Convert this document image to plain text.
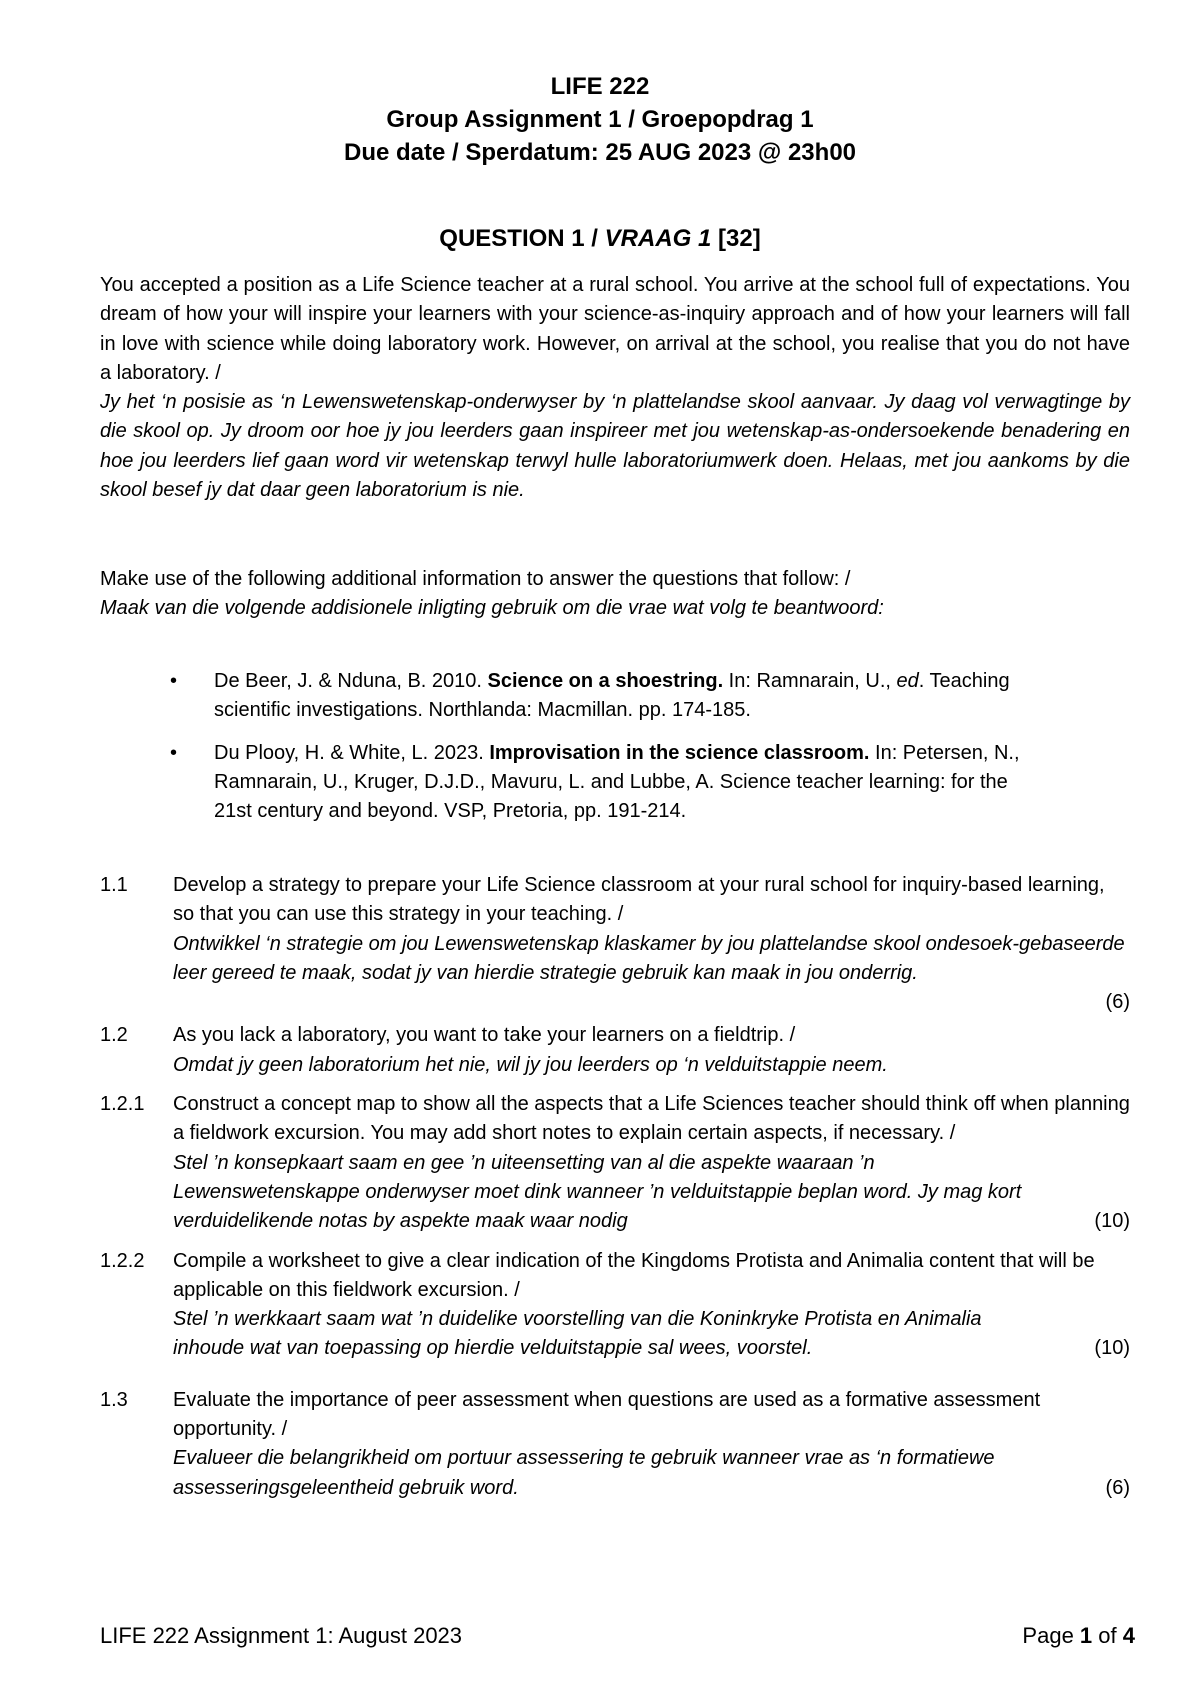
LIFE 222
Group Assignment 1 / Groepopdrag 1
Due date / Sperdatum: 25 AUG 2023 @ 23h00
QUESTION 1 / VRAAG 1 [32]

You accepted a position as a Life Science teacher at a rural school. You arrive at the school full of expectations. You dream of how your will inspire your learners with your science-as-inquiry approach and of how your learners will fall in love with science while doing laboratory work. However, on arrival at the school, you realise that you do not have a laboratory. /

Jy het ‘n posisie as ‘n Lewenswetenskap-onderwyser by ‘n plattelandse skool aanvaar. Jy daag vol verwagtinge by die skool op. Jy droom oor hoe jy jou leerders gaan inspireer met jou wetenskap-as-ondersoekende benadering en hoe jou leerders lief gaan word vir wetenskap terwyl hulle laboratoriumwerk doen. Helaas, met jou aankoms by die skool besef jy dat daar geen laboratorium is nie.

Make use of the following additional information to answer the questions that follow: /

Maak van die volgende addisionele inligting gebruik om die vrae wat volg te beantwoord:

• De Beer, J. & Nduna, B. 2010. Science on a shoestring. In: Ramnarain, U., ed. Teaching scientific investigations. Northlanda: Macmillan. pp. 174-185.
• Du Plooy, H. & White, L. 2023. Improvisation in the science classroom. In: Petersen, N., Ramnarain, U., Kruger, D.J.D., Mavuru, L. and Lubbe, A. Science teacher learning: for the 21st century and beyond. VSP, Pretoria, pp. 191-214.
1.1 Develop a strategy to prepare your Life Science classroom at your rural school for inquiry-based learning, so that you can use this strategy in your teaching. /

Ontwikkel ‘n strategie om jou Lewenswetenskap klaskamer by jou plattelandse skool ondesoek-gebaseerde leer gereed te maak, sodat jy van hierdie strategie gebruik kan maak in jou onderrig.

(6)
1.2 As you lack a laboratory, you want to take your learners on a fieldtrip. /

Omdat jy geen laboratorium het nie, wil jy jou leerders op ‘n velduitstappie neem.

1.2.1 Construct a concept map to show all the aspects that a Life Sciences teacher should think off when planning a fieldwork excursion. You may add short notes to explain certain aspects, if necessary. /

Stel ’n konsepkaart saam en gee ’n uiteensetting van al die aspekte waaraan ’n

Lewenswetenskappe onderwyser moet dink wanneer ’n velduitstappie beplan word. Jy mag kort

verduidelikende notas by aspekte maak waar nodig	(10)
1.2.2 Compile a worksheet to give a clear indication of the Kingdoms Protista and Animalia content that will be applicable on this fieldwork excursion. /

Stel ’n werkkaart saam wat ’n duidelike voorstelling van die Koninkryke Protista en Animalia

inhoude wat van toepassing op hierdie velduitstappie sal wees, voorstel.	(10)
1.3 Evaluate the importance of peer assessment when questions are used as a formative assessment opportunity. /

Evalueer die belangrikheid om portuur assessering te gebruik wanneer vrae as ‘n formatiewe

assesseringsgeleentheid gebruik word.	(6)
LIFE 222 Assignment 1: August 2023	Page 1 of 4
